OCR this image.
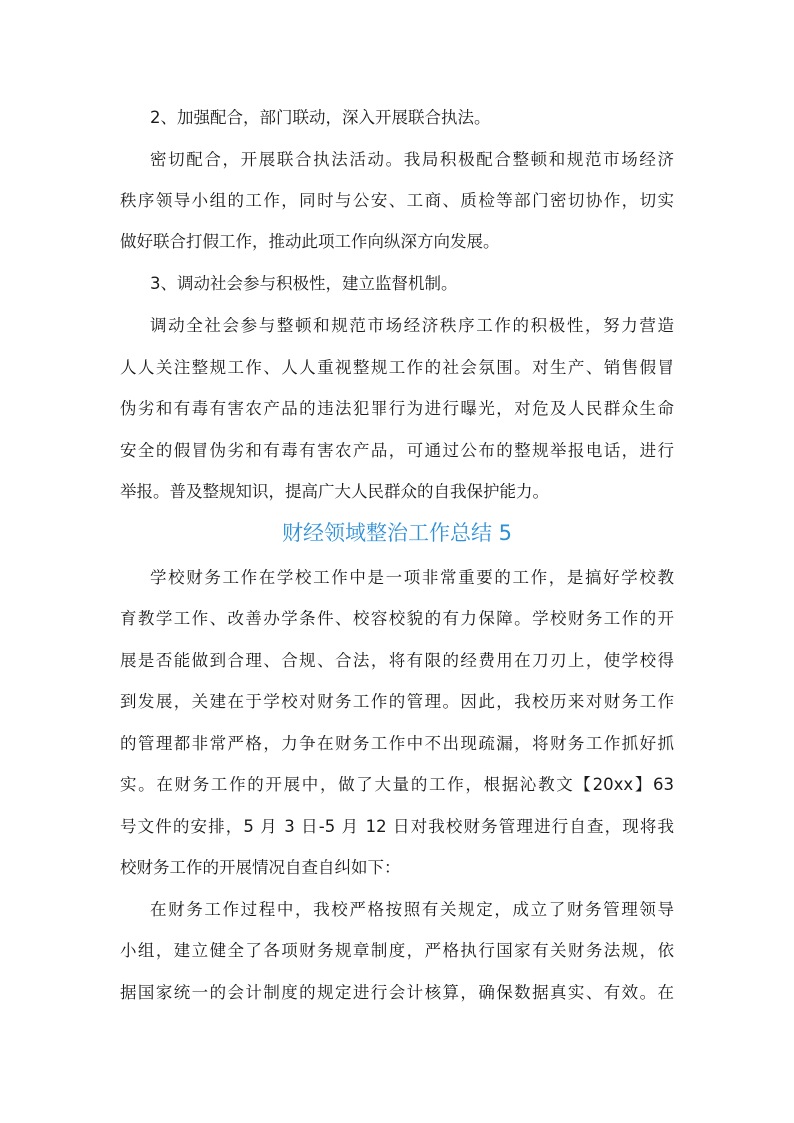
2、加强配合，部门联动，深入开展联合执法。
密切配合，开展联合执法活动。我局积极配合整顿和规范市场经济
秩序领导小组的工作，同时与公安、工商、质检等部门密切协作，切实
做好联合打假工作，推动此项工作向纵深方向发展。
3、调动社会参与积极性，建立监督机制。
调动全社会参与整顿和规范市场经济秩序工作的积极性，努力营造
人人关注整规工作、人人重视整规工作的社会氛围。对生产、销售假冒
伪劣和有毒有害农产品的违法犯罪行为进行曝光，对危及人民群众生命
安全的假冒伪劣和有毒有害农产品，可通过公布的整规举报电话，进行
举报。普及整规知识，提高广大人民群众的自我保护能力。
财经领域整治工作总结 5
学校财务工作在学校工作中是一项非常重要的工作，是搞好学校教
育教学工作、改善办学条件、校容校貌的有力保障。学校财务工作的开
展是否能做到合理、合规、合法，将有限的经费用在刀刃上，使学校得
到发展，关建在于学校对财务工作的管理。因此，我校历来对财务工作
的管理都非常严格，力争在财务工作中不出现疏漏，将财务工作抓好抓
实。在财务工作的开展中，做了大量的工作，根据沁教文【20xx】63
号文件的安排，5 月 3 日-5 月 12 日对我校财务管理进行自查，现将我
校财务工作的开展情况自查自纠如下：
在财务工作过程中，我校严格按照有关规定，成立了财务管理领导
小组，建立健全了各项财务规章制度，严格执行国家有关财务法规，依
据国家统一的会计制度的规定进行会计核算，确保数据真实、有效。在
